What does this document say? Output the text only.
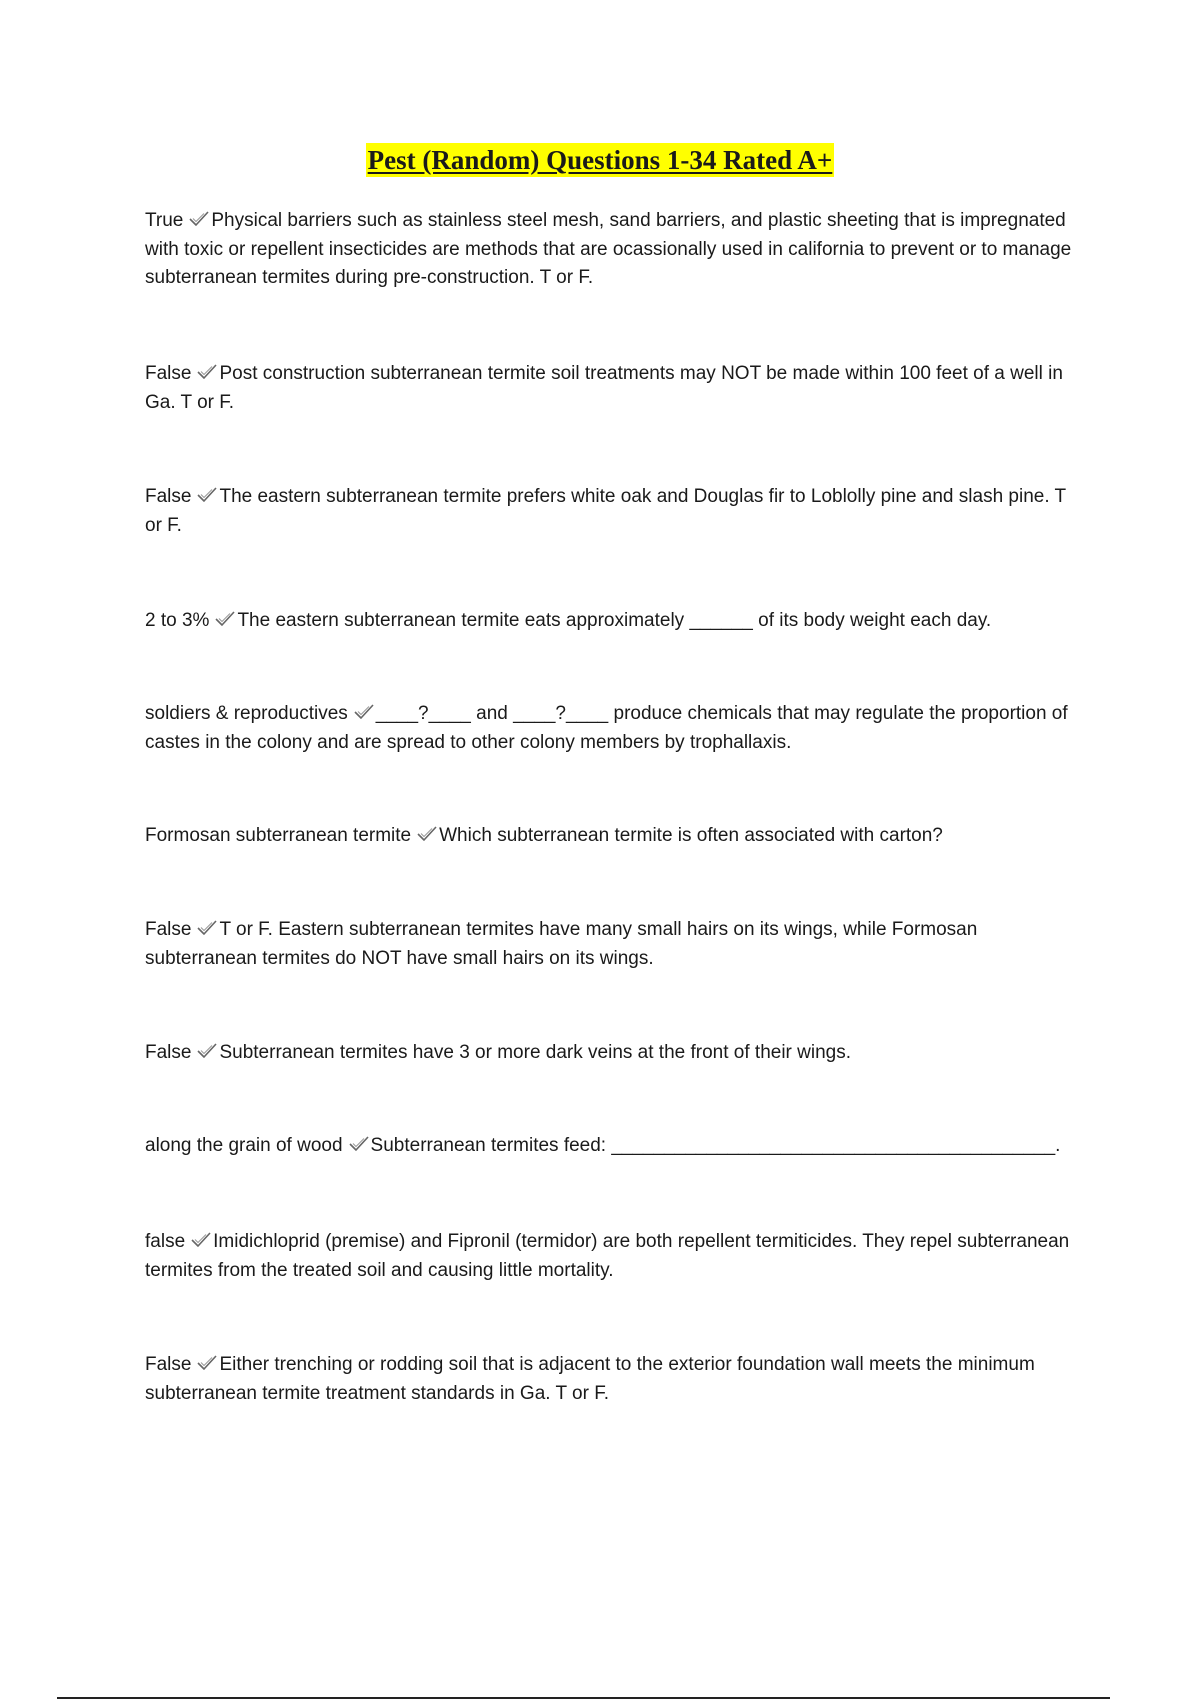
Pest (Random) Questions 1-34 Rated A+
True Physical barriers such as stainless steel mesh, sand barriers, and plastic sheeting that is impregnated with toxic or repellent insecticides are methods that are ocassionally used in california to prevent or to manage subterranean termites during pre-construction. T or F.
False Post construction subterranean termite soil treatments may NOT be made within 100 feet of a well in Ga. T or F.
False The eastern subterranean termite prefers white oak and Douglas fir to Loblolly pine and slash pine. T or F.
2 to 3% The eastern subterranean termite eats approximately ______ of its body weight each day.
soldiers & reproductives ____?____ and ____?____ produce chemicals that may regulate the proportion of castes in the colony and are spread to other colony members by trophallaxis.
Formosan subterranean termite Which subterranean termite is often associated with carton?
False T or F. Eastern subterranean termites have many small hairs on its wings, while Formosan subterranean termites do NOT have small hairs on its wings.
False Subterranean termites have 3 or more dark veins at the front of their wings.
along the grain of wood Subterranean termites feed: __________________________________________.
false Imidichloprid (premise) and Fipronil (termidor) are both repellent termiticides. They repel subterranean termites from the treated soil and causing little mortality.
False Either trenching or rodding soil that is adjacent to the exterior foundation wall meets the minimum subterranean termite treatment standards in Ga. T or F.
